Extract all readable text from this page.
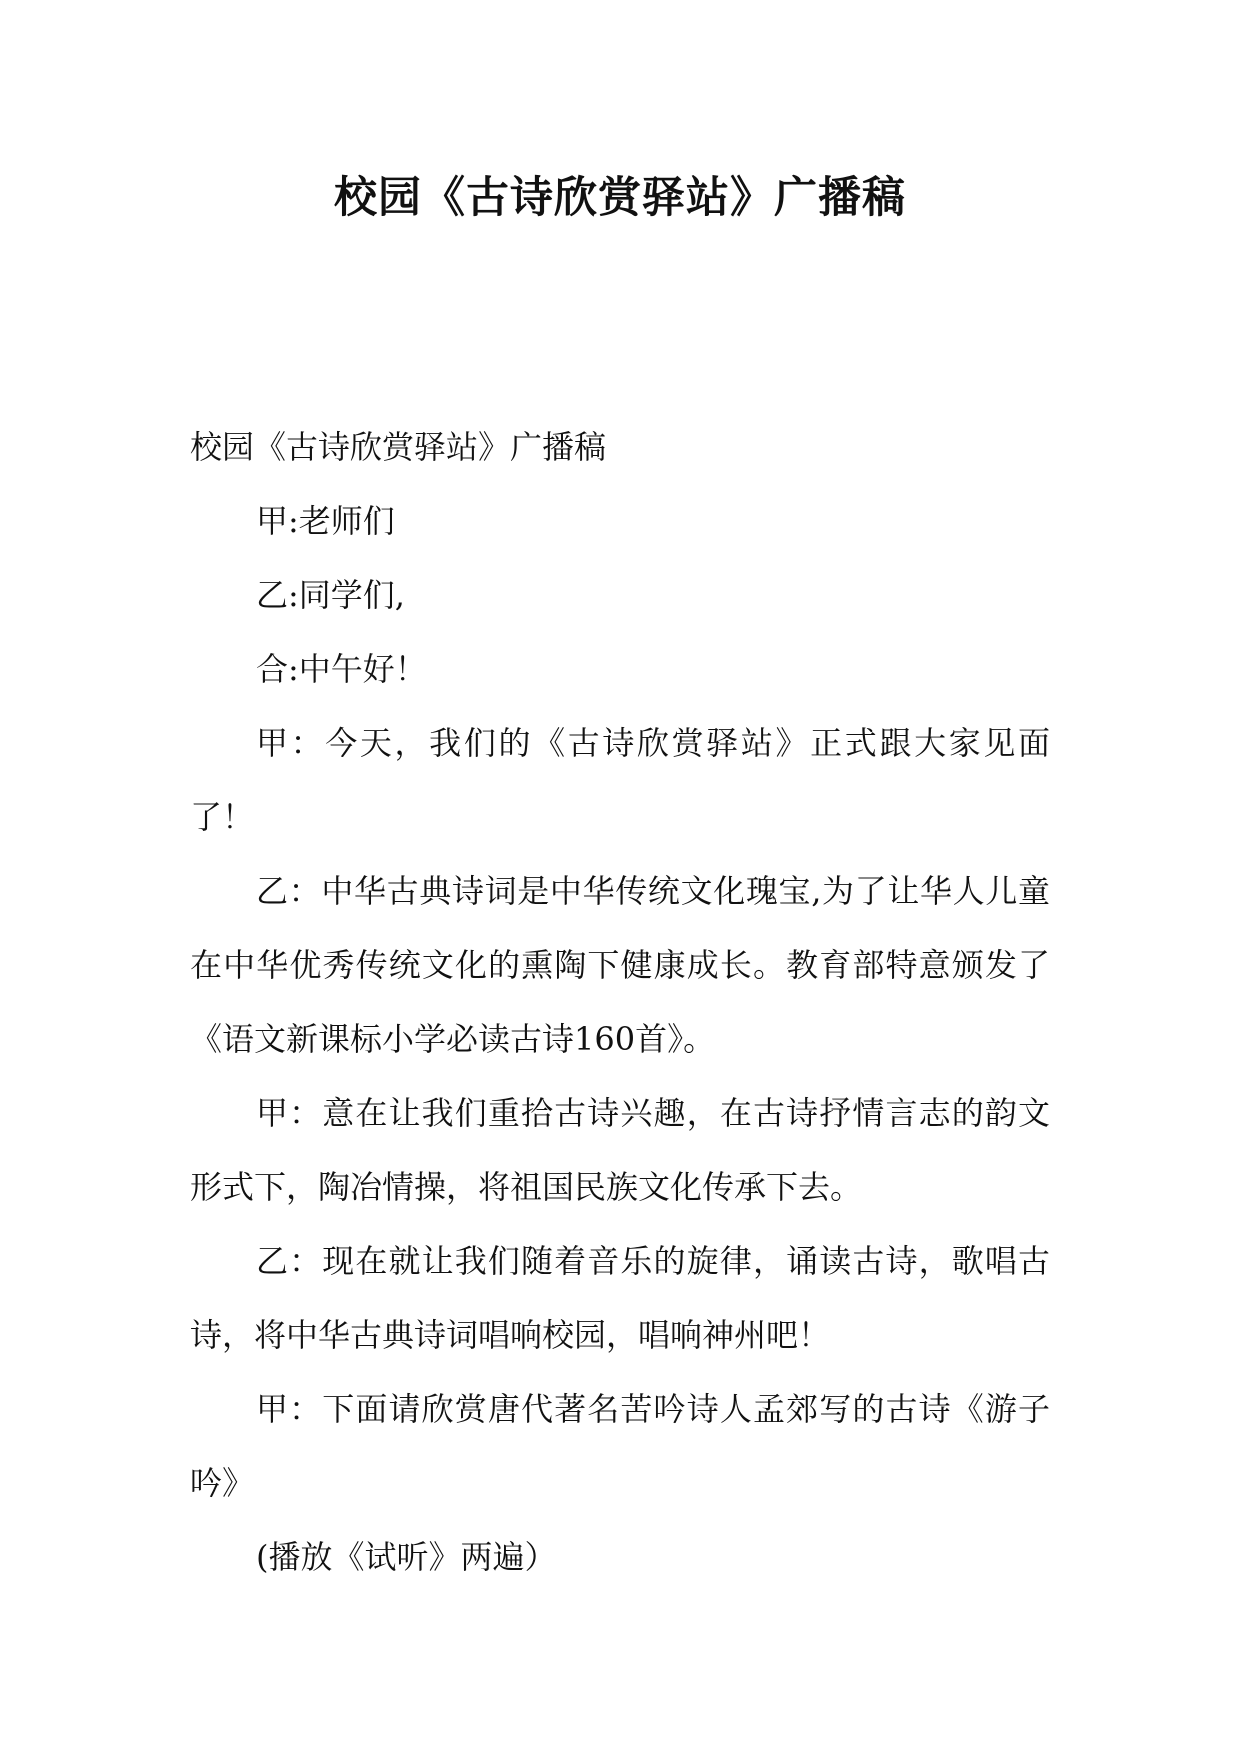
校园《古诗欣赏驿站》广播稿

校园《古诗欣赏驿站》广播稿

甲:老师们

乙:同学们,

合:中午好！

甲：今天，我们的《古诗欣赏驿站》正式跟大家见面了！

乙：中华古典诗词是中华传统文化瑰宝,为了让华人儿童在中华优秀传统文化的熏陶下健康成长。教育部特意颁发了《语文新课标小学必读古诗160首》。

甲：意在让我们重拾古诗兴趣，在古诗抒情言志的韵文形式下，陶冶情操，将祖国民族文化传承下去。

乙：现在就让我们随着音乐的旋律，诵读古诗，歌唱古诗，将中华古典诗词唱响校园，唱响神州吧！

甲：下面请欣赏唐代著名苦吟诗人孟郊写的古诗《游子吟》

(播放《试听》两遍）
